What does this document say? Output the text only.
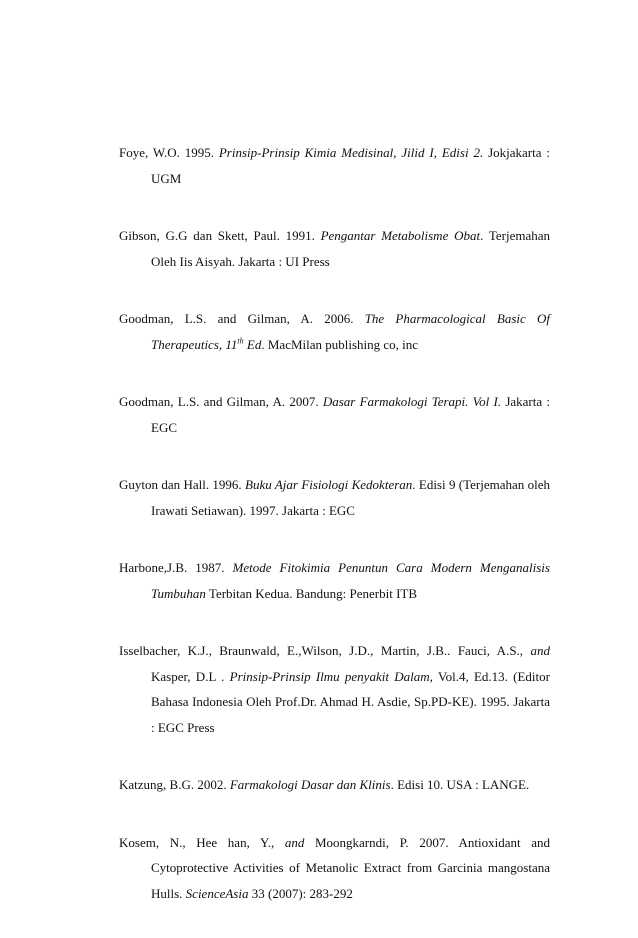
Foye, W.O. 1995. Prinsip-Prinsip Kimia Medisinal, Jilid I, Edisi 2. Jokjakarta : UGM

Gibson, G.G dan Skett, Paul. 1991. Pengantar Metabolisme Obat. Terjemahan Oleh Iis Aisyah. Jakarta : UI Press

Goodman, L.S. and Gilman, A. 2006. The Pharmacological Basic Of Therapeutics, 11th Ed. MacMilan publishing co, inc

Goodman, L.S. and Gilman, A. 2007. Dasar Farmakologi Terapi. Vol I. Jakarta : EGC

Guyton dan Hall. 1996. Buku Ajar Fisiologi Kedokteran. Edisi 9 (Terjemahan oleh Irawati Setiawan). 1997. Jakarta : EGC

Harbone,J.B. 1987. Metode Fitokimia Penuntun Cara Modern Menganalisis Tumbuhan Terbitan Kedua. Bandung: Penerbit ITB

Isselbacher, K.J., Braunwald, E.,Wilson, J.D., Martin, J.B.. Fauci, A.S., and Kasper, D.L . Prinsip-Prinsip Ilmu penyakit Dalam, Vol.4, Ed.13. (Editor Bahasa Indonesia Oleh Prof.Dr. Ahmad H. Asdie, Sp.PD-KE). 1995. Jakarta : EGC Press

Katzung, B.G. 2002. Farmakologi Dasar dan Klinis. Edisi 10. USA : LANGE.

Kosem, N., Hee han, Y., and Moongkarndi, P. 2007. Antioxidant and Cytoprotective Activities of Metanolic Extract from Garcinia mangostana Hulls. ScienceAsia 33 (2007): 283-292
